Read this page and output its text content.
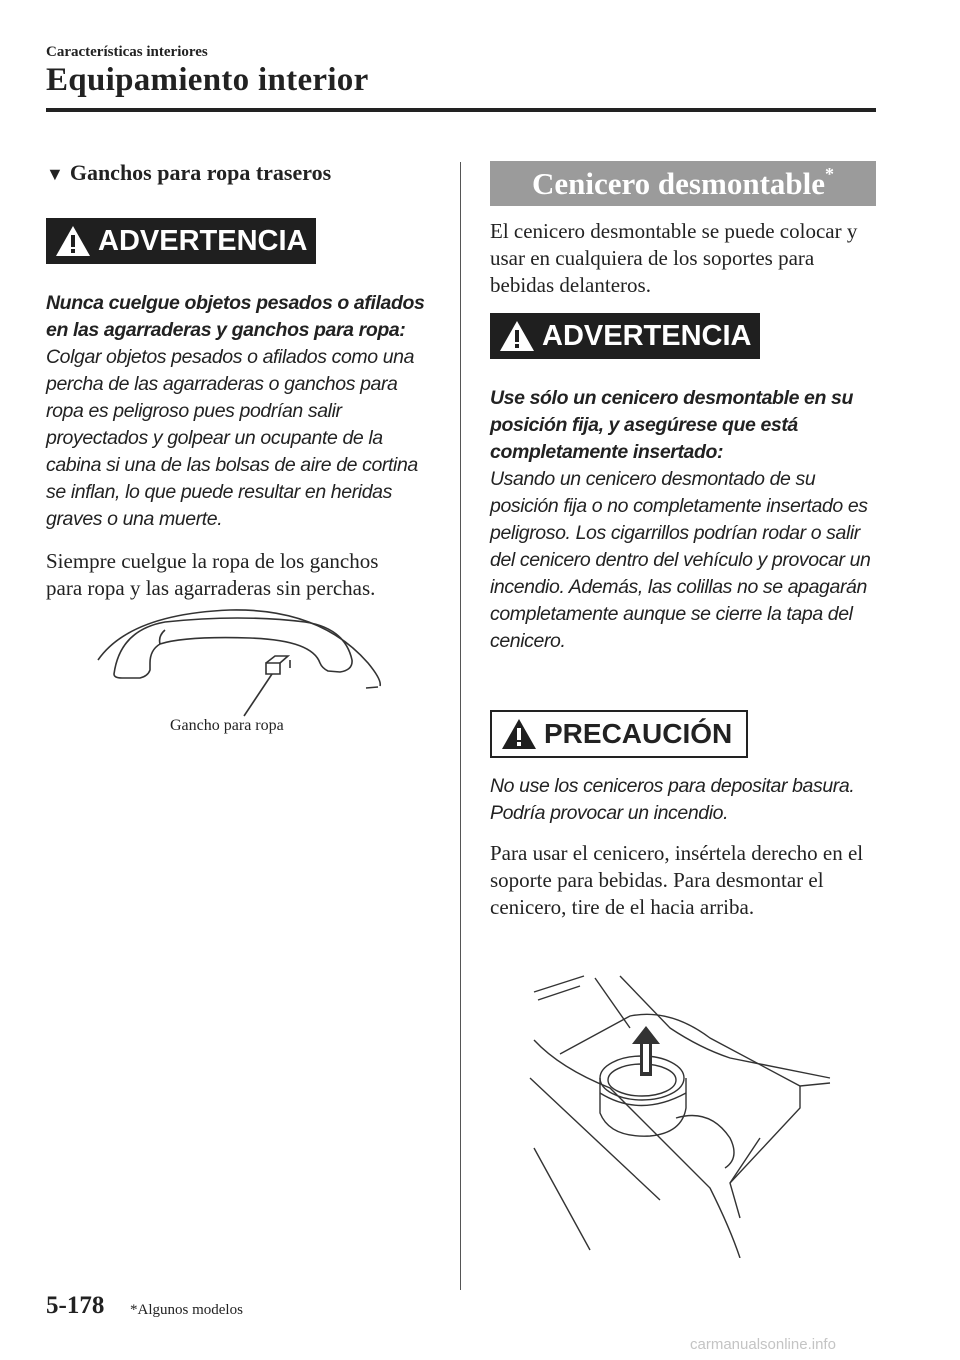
Características interiores
Equipamiento interior
▼ Ganchos para ropa traseros
ADVERTENCIA
Nunca cuelgue objetos pesados o afilados en las agarraderas y ganchos para ropa:
Colgar objetos pesados o afilados como una percha de las agarraderas o ganchos para ropa es peligroso pues podrían salir proyectados y golpear un ocupante de la cabina si una de las bolsas de aire de cortina se inflan, lo que puede resultar en heridas graves o una muerte.
Siempre cuelgue la ropa de los ganchos para ropa y las agarraderas sin perchas.
Gancho para ropa
Cenicero desmontable*
El cenicero desmontable se puede colocar y usar en cualquiera de los soportes para bebidas delanteros.
ADVERTENCIA
Use sólo un cenicero desmontable en su posición fija, y asegúrese que está completamente insertado:
Usando un cenicero desmontado de su posición fija o no completamente insertado es peligroso. Los cigarrillos podrían rodar o salir del cenicero dentro del vehículo y provocar un incendio. Además, las colillas no se apagarán completamente aunque se cierre la tapa del cenicero.
PRECAUCIÓN
No use los ceniceros para depositar basura. Podría provocar un incendio.
Para usar el cenicero, insértela derecho en el soporte para bebidas. Para desmontar el cenicero, tire de el hacia arriba.
5-178 *Algunos modelos
carmanualsonline.info
